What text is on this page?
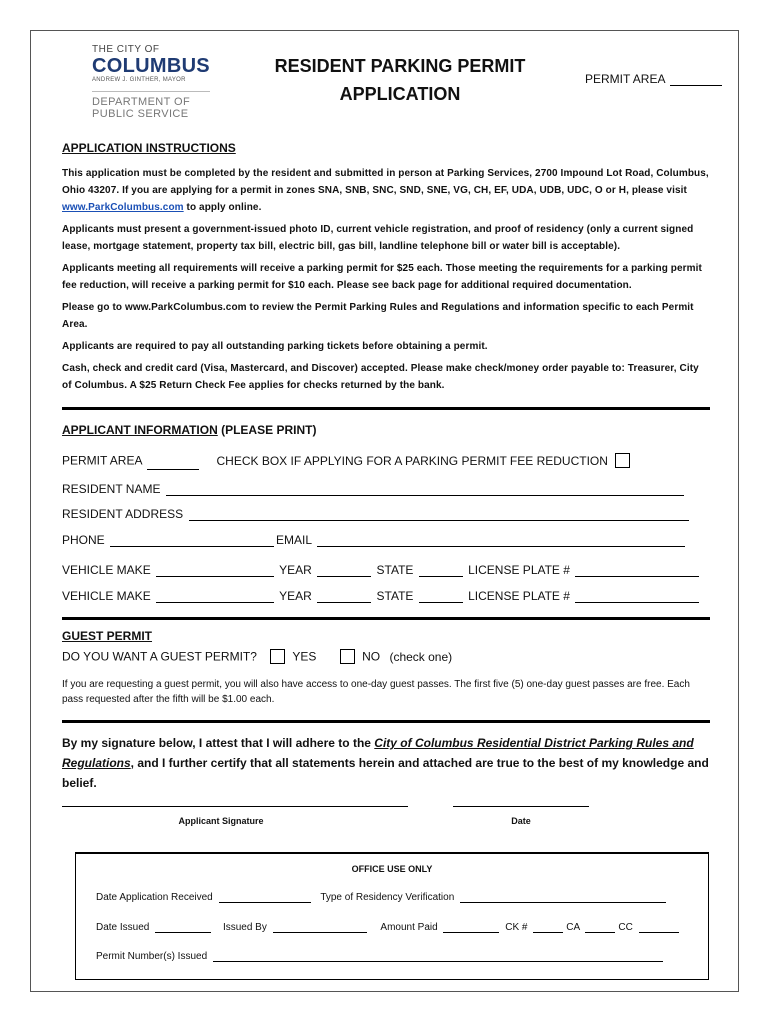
THE CITY OF
COLUMBUS
ANDREW J. GINTHER, MAYOR
DEPARTMENT OF
PUBLIC SERVICE
RESIDENT PARKING PERMIT
APPLICATION
PERMIT AREA
APPLICATION INSTRUCTIONS
This application must be completed by the resident and submitted in person at Parking Services, 2700 Impound Lot Road, Columbus, Ohio 43207. If you are applying for a permit in zones SNA, SNB, SNC, SND, SNE, VG, CH, EF, UDA, UDB, UDC, O or H, please visit www.ParkColumbus.com to apply online.
Applicants must present a government-issued photo ID, current vehicle registration, and proof of residency (only a current signed lease, mortgage statement, property tax bill, electric bill, gas bill, landline telephone bill or water bill is acceptable).
Applicants meeting all requirements will receive a parking permit for $25 each. Those meeting the requirements for a parking permit fee reduction, will receive a parking permit for $10 each. Please see back page for additional required documentation.
Please go to www.ParkColumbus.com to review the Permit Parking Rules and Regulations and information specific to each Permit Area.
Applicants are required to pay all outstanding parking tickets before obtaining a permit.
Cash, check and credit card (Visa, Mastercard, and Discover) accepted. Please make check/money order payable to: Treasurer, City of Columbus. A $25 Return Check Fee applies for checks returned by the bank.
APPLICANT INFORMATION (PLEASE PRINT)
PERMIT AREA	CHECK BOX IF APPLYING FOR A PARKING PERMIT FEE REDUCTION
RESIDENT NAME
RESIDENT ADDRESS
PHONE	EMAIL
VEHICLE MAKE	YEAR	STATE	LICENSE PLATE #
VEHICLE MAKE	YEAR	STATE	LICENSE PLATE #
GUEST PERMIT
DO YOU WANT A GUEST PERMIT?	YES	NO (check one)
If you are requesting a guest permit, you will also have access to one-day guest passes. The first five (5) one-day guest passes are free. Each pass requested after the fifth will be $1.00 each.
By my signature below, I attest that I will adhere to the City of Columbus Residential District Parking Rules and Regulations, and I further certify that all statements herein and attached are true to the best of my knowledge and belief.
Applicant Signature	Date
OFFICE USE ONLY
Date Application Received	Type of Residency Verification
Date Issued	Issued By	Amount Paid	CK #	CA	CC
Permit Number(s) Issued
